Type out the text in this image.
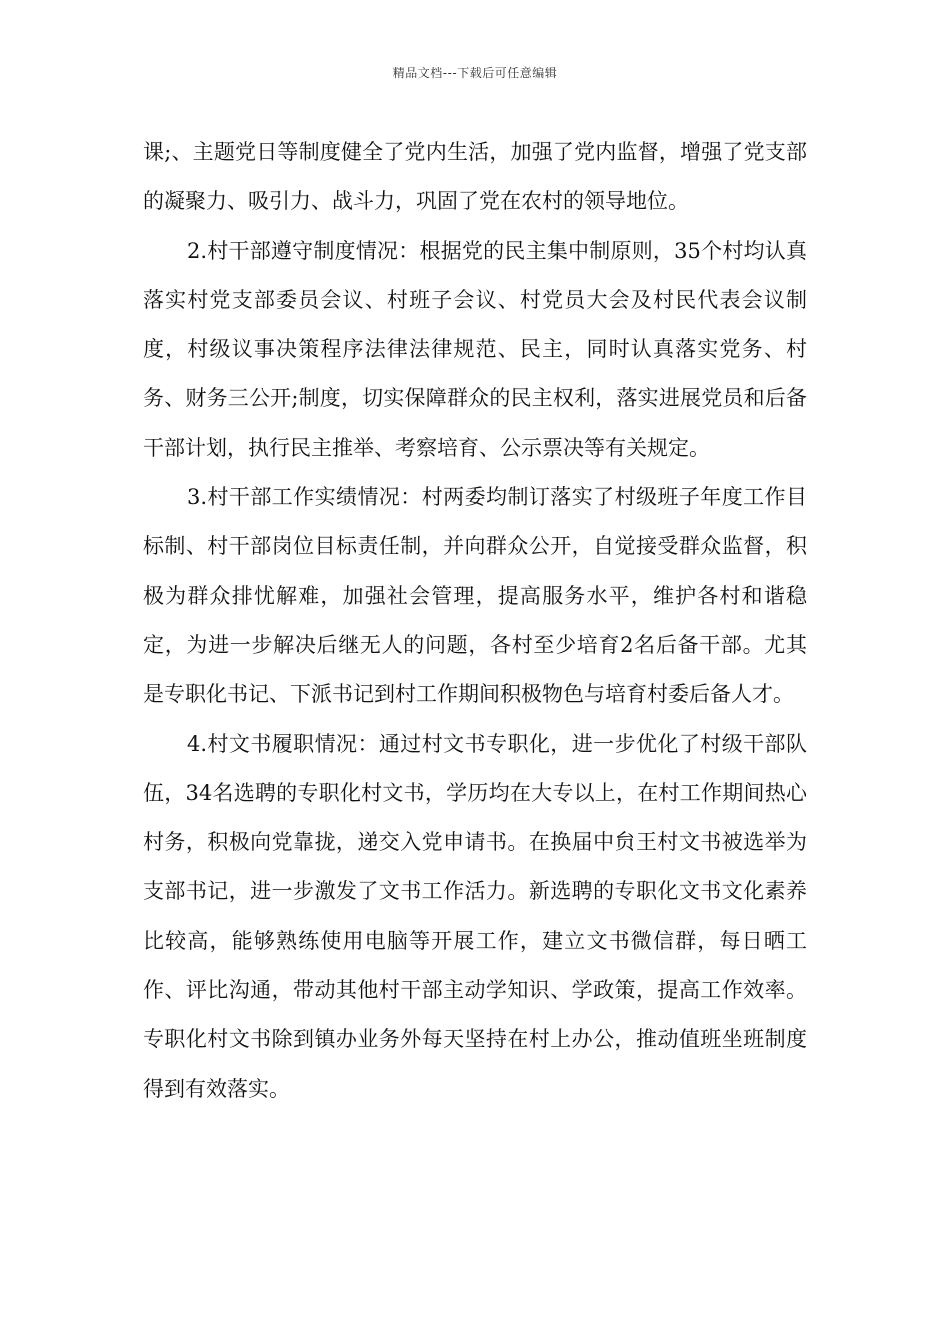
精品文档---下载后可任意编辑

课;、主题党日等制度健全了党内生活，加强了党内监督，增强了党支部的凝聚力、吸引力、战斗力，巩固了党在农村的领导地位。

2.村干部遵守制度情况：根据党的民主集中制原则，35个村均认真落实村党支部委员会议、村班子会议、村党员大会及村民代表会议制度，村级议事决策程序法律法律规范、民主，同时认真落实党务、村务、财务三公开;制度，切实保障群众的民主权利，落实进展党员和后备干部计划，执行民主推举、考察培育、公示票决等有关规定。

3.村干部工作实绩情况：村两委均制订落实了村级班子年度工作目标制、村干部岗位目标责任制，并向群众公开，自觉接受群众监督，积极为群众排忧解难，加强社会管理，提高服务水平，维护各村和谐稳定，为进一步解决后继无人的问题，各村至少培育2名后备干部。尤其是专职化书记、下派书记到村工作期间积极物色与培育村委后备人才。

4.村文书履职情况：通过村文书专职化，进一步优化了村级干部队伍，34名选聘的专职化村文书，学历均在大专以上，在村工作期间热心村务，积极向党靠拢，递交入党申请书。在换届中贠王村文书被选举为支部书记，进一步激发了文书工作活力。新选聘的专职化文书文化素养比较高，能够熟练使用电脑等开展工作，建立文书微信群，每日晒工作、评比沟通，带动其他村干部主动学知识、学政策，提高工作效率。专职化村文书除到镇办业务外每天坚持在村上办公，推动值班坐班制度得到有效落实。
